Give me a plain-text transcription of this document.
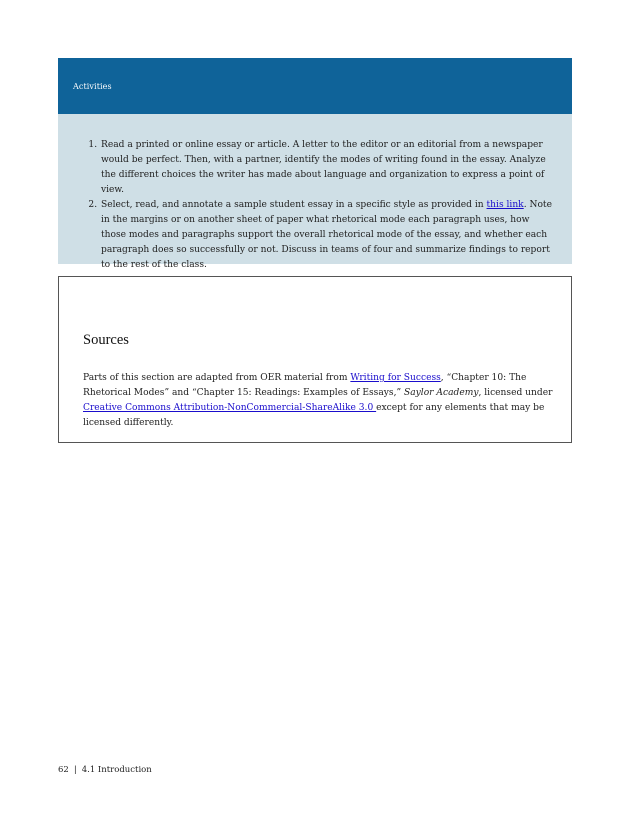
Activities
1. Read a printed or online essay or article. A letter to the editor or an editorial from a newspaper would be perfect. Then, with a partner, identify the modes of writing found in the essay. Analyze the different choices the writer has made about language and organization to express a point of view.
2. Select, read, and annotate a sample student essay in a specific style as provided in this link. Note in the margins or on another sheet of paper what rhetorical mode each paragraph uses, how those modes and paragraphs support the overall rhetorical mode of the essay, and whether each paragraph does so successfully or not. Discuss in teams of four and summarize findings to report to the rest of the class.
Sources

Parts of this section are adapted from OER material from Writing for Success, “Chapter 10: The Rhetorical Modes” and “Chapter 15: Readings: Examples of Essays,” Saylor Academy, licensed under Creative Commons Attribution-NonCommercial-ShareAlike 3.0 except for any elements that may be licensed differently.

62 | 4.1 Introduction
